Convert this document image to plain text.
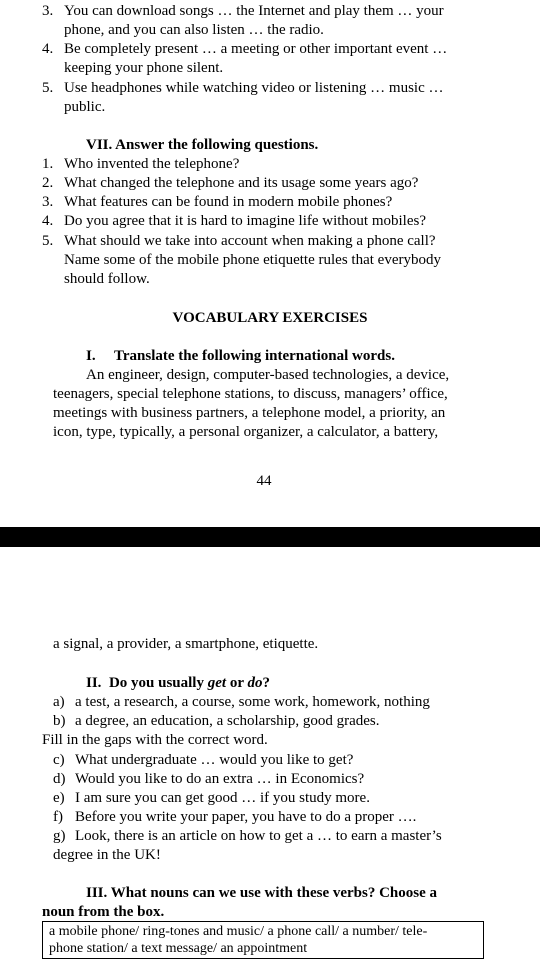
3. You can download songs … the Internet and play them … your
phone, and you can also listen … the radio.
4. Be completely present … a meeting or other important event …
keeping your phone silent.
5. Use headphones while watching video or listening … music …
public.
VII. Answer the following questions.
1. Who invented the telephone?
2. What changed the telephone and its usage some years ago?
3. What features can be found in modern mobile phones?
4. Do you agree that it is hard to imagine life without mobiles?
5. What should we take into account when making a phone call?
Name some of the mobile phone etiquette rules that everybody
should follow.
VOCABULARY EXERCISES
I. Translate the following international words.
An engineer, design, computer-based technologies, a device,
teenagers, special telephone stations, to discuss, managers’ office,
meetings with business partners, a telephone model, a priority, an
icon, type, typically, a personal organizer, a calculator, a battery,
44
a signal, a provider, a smartphone, etiquette.
II. Do you usually get or do?
a) a test, a research, a course, some work, homework, nothing
b) a degree, an education, a scholarship, good grades.
Fill in the gaps with the correct word.
c) What undergraduate … would you like to get?
d) Would you like to do an extra … in Economics?
e) I am sure you can get good … if you study more.
f) Before you write your paper, you have to do a proper ….
g) Look, there is an article on how to get a … to earn a master’s
degree in the UK!
III. What nouns can we use with these verbs? Choose a
noun from the box.
a mobile phone/ ring-tones and music/ a phone call/ a number/ tele-
phone station/ a text message/ an appointment
